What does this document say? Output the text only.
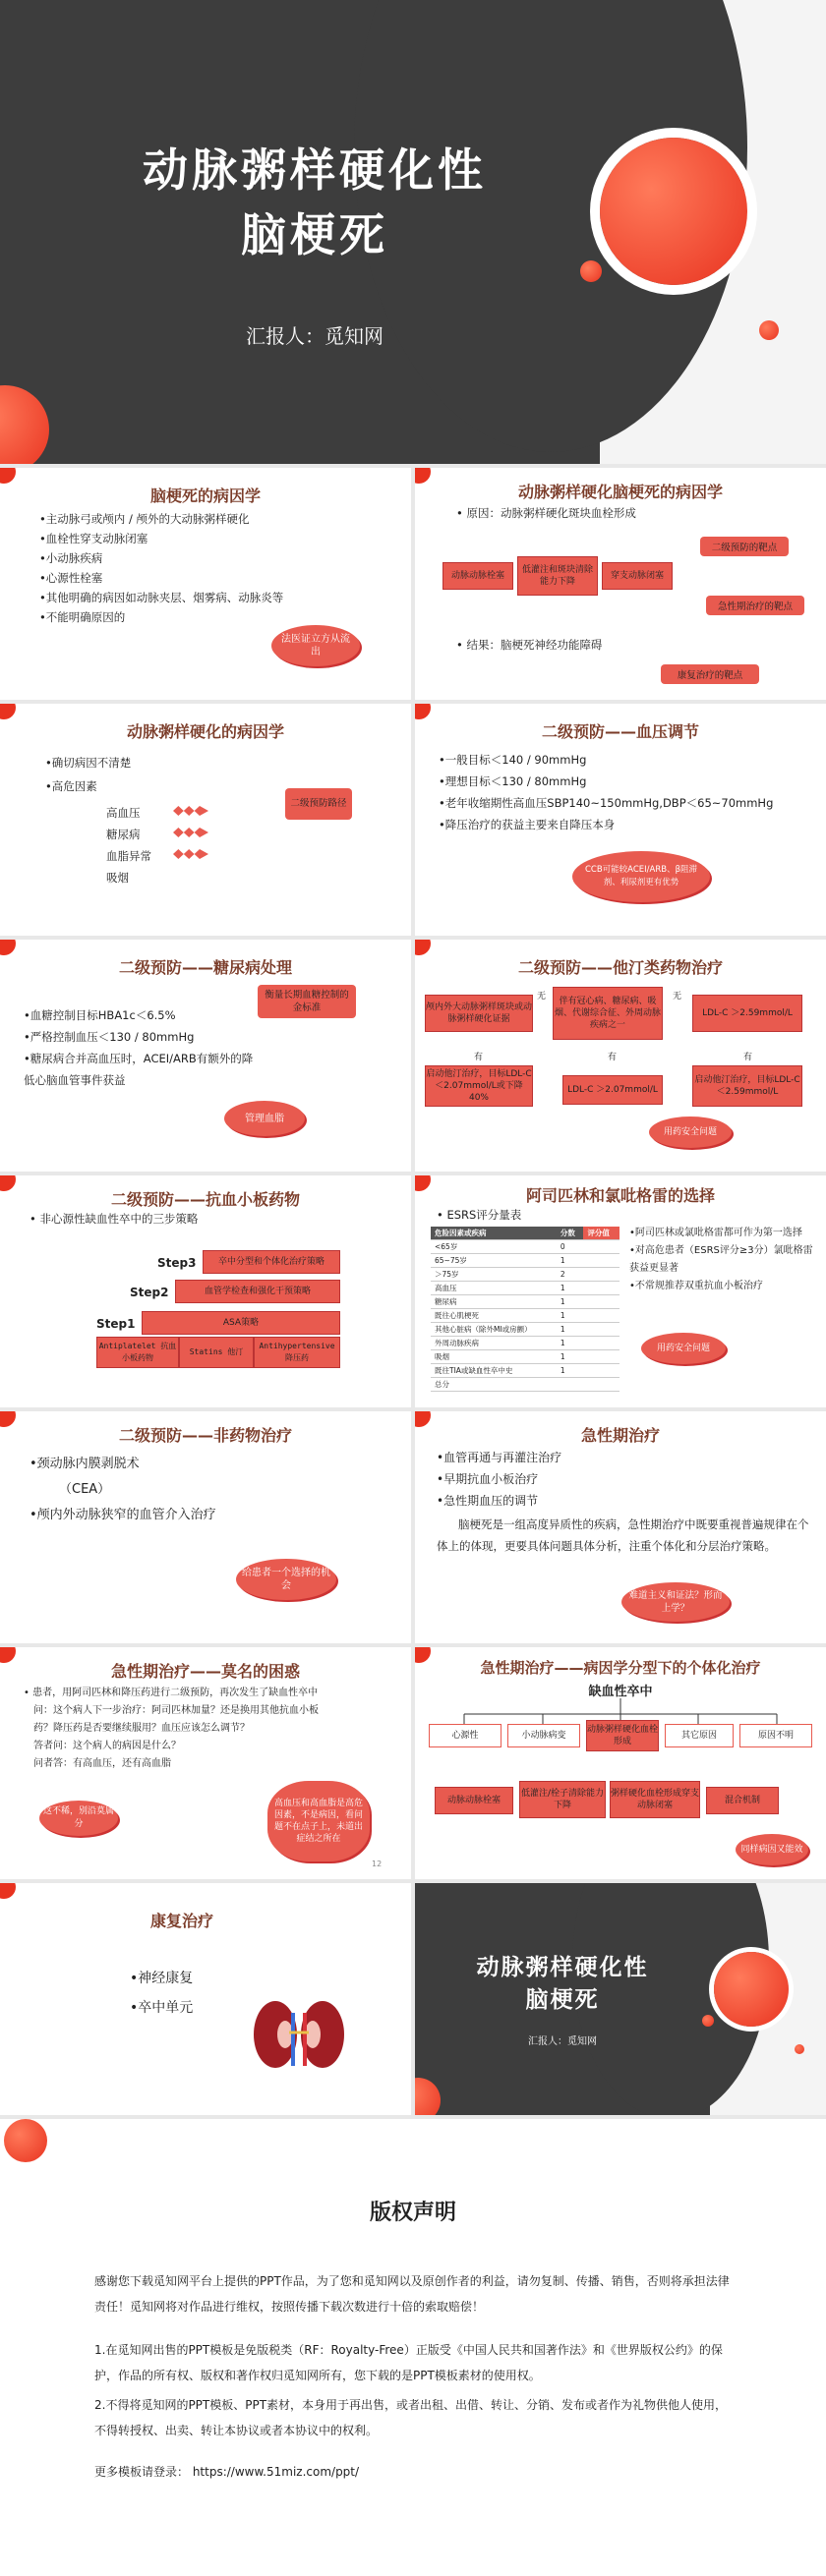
动脉粥样硬化性
脑梗死
汇报人：觅知网
脑梗死的病因学
•主动脉弓或颅内 / 颅外的大动脉粥样硬化
•血栓性穿支动脉闭塞
•小动脉疾病
•心源性栓塞
•其他明确的病因如动脉夹层、烟雾病、动脉炎等
•不能明确原因的
法医证立方从流出
动脉粥样硬化脑梗死的病因学
• 原因：动脉粥样硬化斑块血栓形成
动脉动脉栓塞
低灌注和斑块清除能力下降
穿支动脉闭塞
二级预防的靶点
急性期治疗的靶点
康复治疗的靶点
• 结果：脑梗死神经功能障碍
动脉粥样硬化的病因学
•确切病因不清楚
•高危因素
高血压
糖尿病
血脂异常
吸烟
二级预防路径
二级预防——血压调节
•一般目标＜140 / 90mmHg
•理想目标＜130 / 80mmHg
•老年收缩期性高血压SBP140~150mmHg,DBP＜65~70mmHg
•降压治疗的获益主要来自降压本身
CCB可能较ACEI/ARB、β阻滞剂、利尿剂更有优势
二级预防——糖尿病处理
•血糖控制目标HBA1ᴄ＜6.5%
•严格控制血压＜130 / 80mmHg
•糖尿病合并高血压时，ACEI/ARB有额外的降
低心脑血管事件获益
衡量长期血糖控制的金标准
管理血脂
二级预防——他汀类药物治疗
颅内外大动脉粥样斑块或动脉粥样硬化证据
伴有冠心病、糖尿病、吸烟、代谢综合征、外周动脉疾病之一
LDL-C ＞2.59mmol/L
无	无
有	有	有
启动他汀治疗，目标LDL-C＜2.07mmol/L或下降40%
LDL-C ＞2.07mmol/L
启动他汀治疗，目标LDL-C＜2.59mmol/L
用药安全问题
二级预防——抗血小板药物
• 非心源性缺血性卒中的三步策略
Step3	卒中分型和个体化治疗策略
Step2	血管学检查和强化干预策略
Step1	ASA策略
Antiplatelet 抗血小板药物
Statins 他汀
Antihypertensive 降压药
阿司匹林和氯吡格雷的选择
• ESRS评分量表
危险因素或疾病	分数	评分值
<65岁	0	
65~75岁	1	
＞75岁	2	
高血压	1	
糖尿病	1	
既往心肌梗死	1	
其他心脏病（除外MI或房颤）	1	
外周动脉疾病	1	
吸烟	1	
既往TIA或缺血性卒中史	1	
总分		
•阿司匹林或氯吡格雷都可作为第一选择
•对高危患者（ESRS评分≥3分）氯吡格雷获益更显著
•不常规推荐双重抗血小板治疗
用药安全问题
二级预防——非药物治疗
•颈动脉内膜剥脱术
（CEA）
•颅内外动脉狭窄的血管介入治疗
给患者一个选择的机会
急性期治疗
•血管再通与再灌注治疗
•早期抗血小板治疗
•急性期血压的调节
脑梗死是一组高度异质性的疾病，急性期治疗中既要重视普遍规律在个体上的体现，更要具体问题具体分析，注重个体化和分层治疗策略。
难道主义和证法？形而上学？
急性期治疗——莫名的困惑
• 患者，用阿司匹林和降压药进行二级预防，再次发生了缺血性卒中
问：这个病人下一步治疗：阿司匹林加量？还是换用其他抗血小板
药？降压药是否要继续服用？血压应该怎么调节？
答者问：这个病人的病因是什么？
问者答：有高血压，还有高血脂
这不稀，别沿莫属分
高血压和高血脂是高危因素，不是病因，看问题不在点子上，未道出症结之所在
12
急性期治疗——病因学分型下的个体化治疗
缺血性卒中
心源性	小动脉病变
动脉粥样硬化血栓形成
其它原因	原因不明
动脉动脉栓塞
低灌注/栓子清除能力下降
粥样硬化血栓形成穿支动脉闭塞	混合机制
同样病因又能效
康复治疗
•神经康复
•卒中单元
动脉粥样硬化性
脑梗死
汇报人：觅知网
版权声明
感谢您下载觅知网平台上提供的PPT作品，为了您和觅知网以及原创作者的利益，请勿复制、传播、销售，否则将承担法律责任！觅知网将对作品进行维权，按照传播下载次数进行十倍的索取赔偿！
1.在觅知网出售的PPT模板是免版税类（RF：Royalty-Free）正版受《中国人民共和国著作法》和《世界版权公约》的保护，作品的所有权、版权和著作权归觅知网所有，您下载的是PPT模板素材的使用权。
2.不得将觅知网的PPT模板、PPT素材，本身用于再出售，或者出租、出借、转让、分销、发布或者作为礼物供他人使用，不得转授权、出卖、转让本协议或者本协议中的权利。
更多模板请登录： https://www.51miz.com/ppt/
